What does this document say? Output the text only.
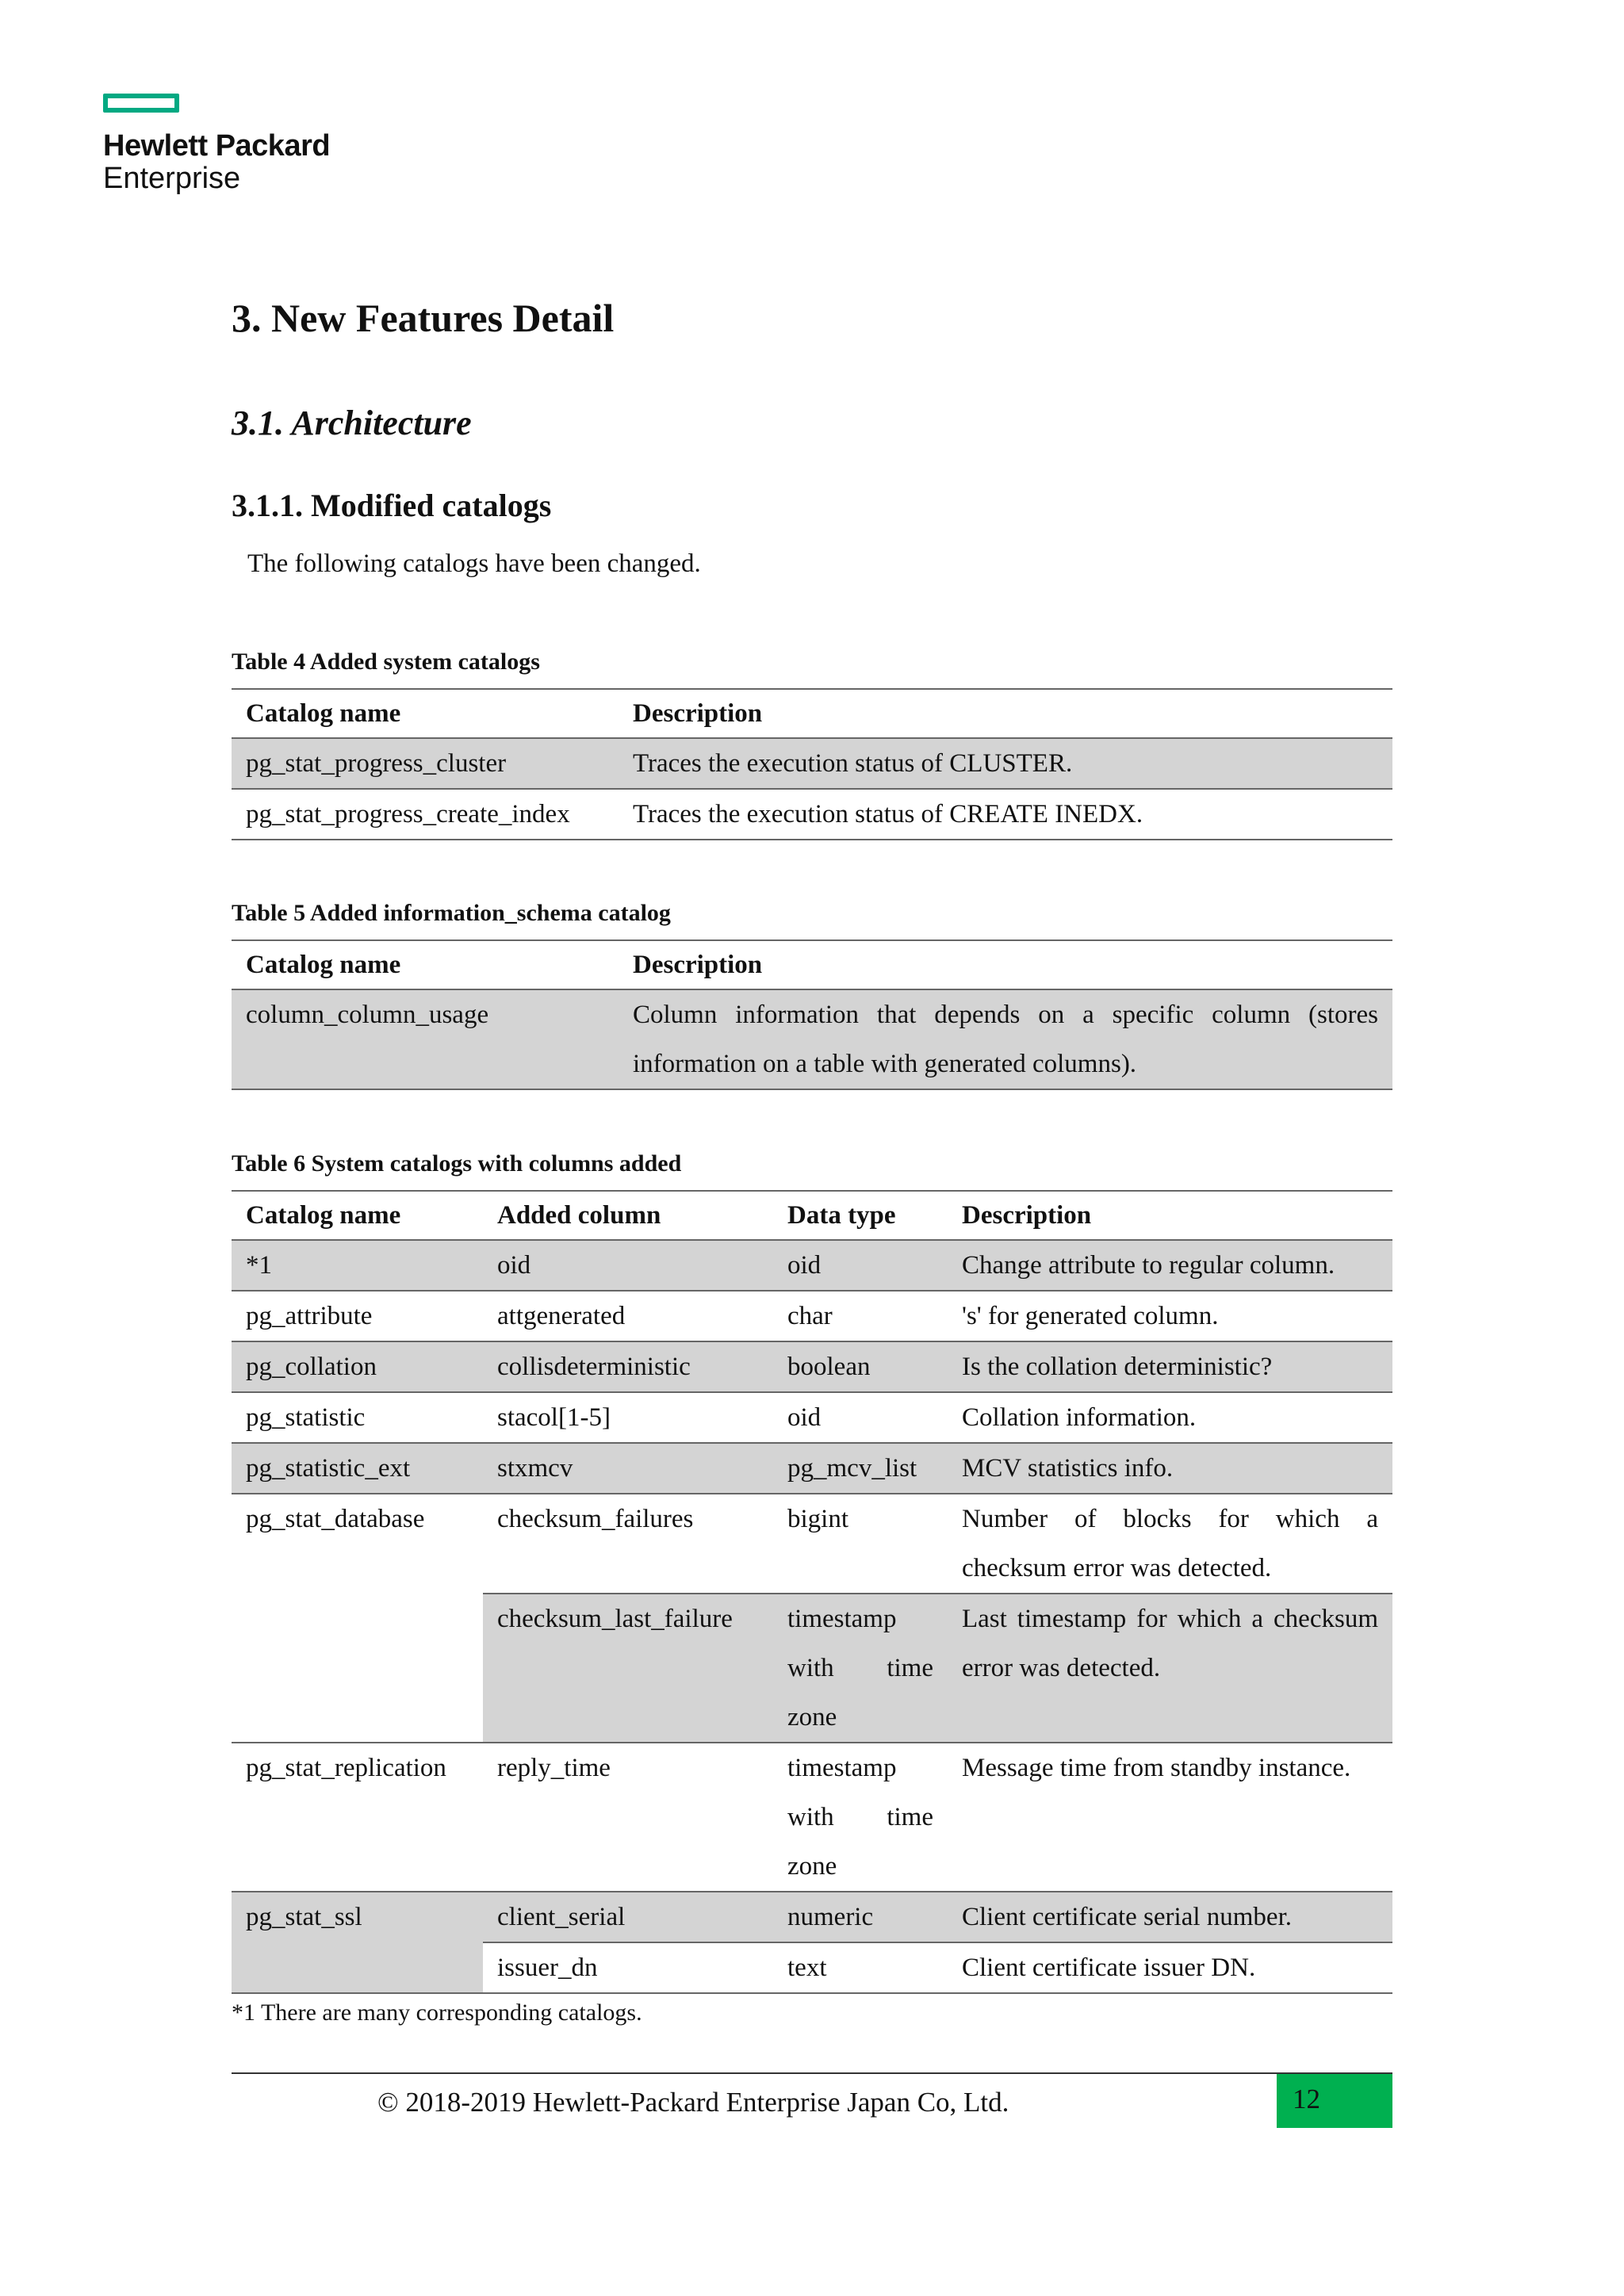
Hewlett Packard
Enterprise
3. New Features Detail
3.1. Architecture
3.1.1. Modified catalogs
The following catalogs have been changed.
Table 4 Added system catalogs
Catalog name	Description
pg_stat_progress_cluster	Traces the execution status of CLUSTER.
pg_stat_progress_create_index	Traces the execution status of CREATE INEDX.
Table 5 Added information_schema catalog
Catalog name	Description
column_column_usage	Column information that depends on a specific column (stores information on a table with generated columns).
Table 6 System catalogs with columns added
Catalog name	Added column	Data type	Description
*1	oid	oid	Change attribute to regular column.
pg_attribute	attgenerated	char	's' for generated column.
pg_collation	collisdeterministic	boolean	Is the collation deterministic?
pg_statistic	stacol[1-5]	oid	Collation information.
pg_statistic_ext	stxmcv	pg_mcv_list	MCV statistics info.
pg_stat_database	checksum_failures	bigint	Number of blocks for which a checksum error was detected.
	checksum_last_failure	timestamp with time zone	Last timestamp for which a checksum error was detected.
pg_stat_replication	reply_time	timestamp with time zone	Message time from standby instance.
pg_stat_ssl	client_serial	numeric	Client certificate serial number.
	issuer_dn	text	Client certificate issuer DN.
*1 There are many corresponding catalogs.
© 2018-2019 Hewlett-Packard Enterprise Japan Co, Ltd.	12
